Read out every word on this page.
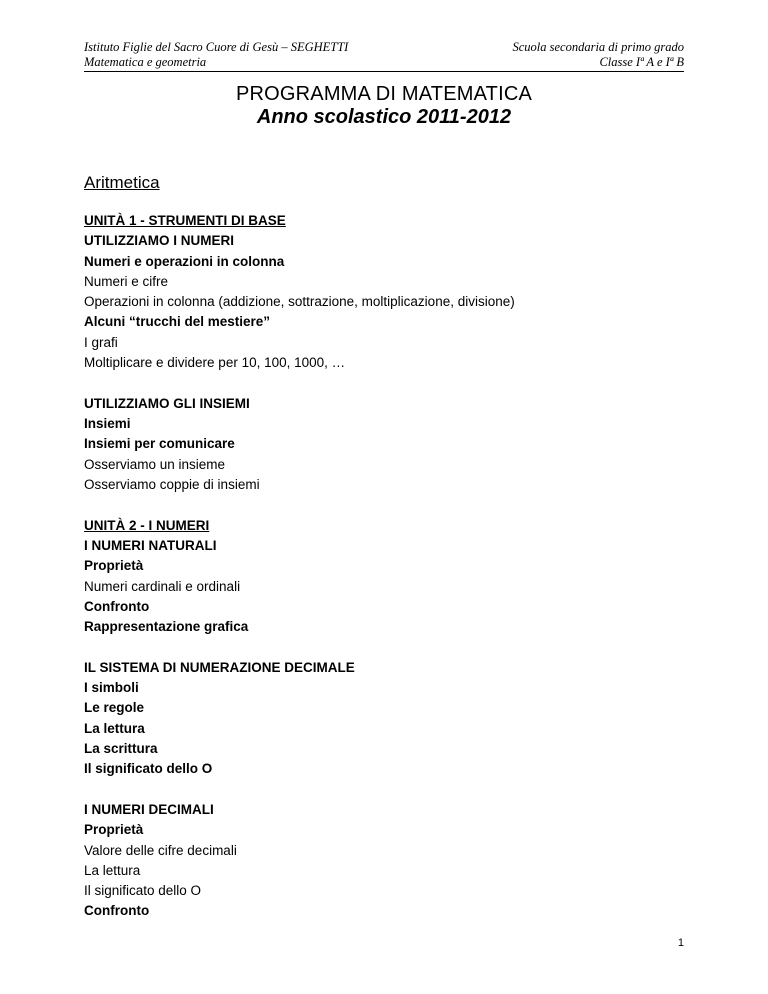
Istituto Figlie del Sacro Cuore di Gesù – SEGHETTI
Matematica e geometria
Scuola secondaria di primo grado
Classe Iª A e Iª B
PROGRAMMA DI MATEMATICA
Anno scolastico 2011-2012
Aritmetica
UNITÀ 1 - STRUMENTI DI BASE
UTILIZZIAMO I NUMERI
Numeri e operazioni in colonna
Numeri e cifre
Operazioni in colonna (addizione, sottrazione, moltiplicazione, divisione)
Alcuni “trucchi del mestiere”
I grafi
Moltiplicare e dividere per 10, 100, 1000, …
UTILIZZIAMO GLI INSIEMI
Insiemi
Insiemi per comunicare
Osserviamo un insieme
Osserviamo coppie di insiemi
UNITÀ 2 - I NUMERI
I NUMERI NATURALI
Proprietà
Numeri cardinali e ordinali
Confronto
Rappresentazione grafica
IL SISTEMA DI NUMERAZIONE DECIMALE
I simboli
Le regole
La lettura
La scrittura
Il significato dello O
I NUMERI DECIMALI
Proprietà
Valore delle cifre decimali
La lettura
Il significato dello O
Confronto
1
